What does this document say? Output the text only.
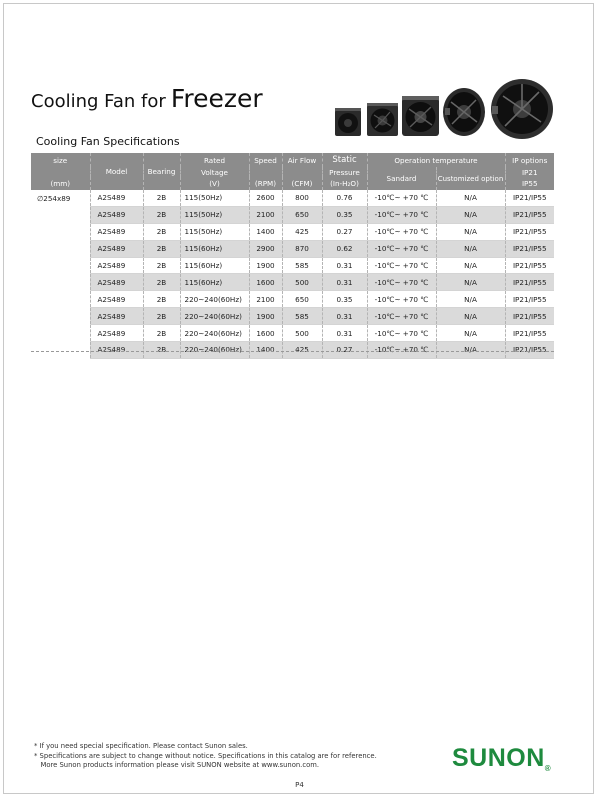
Cooling Fan for Freezer
Cooling Fan Specifications
size	Model	Bearing	Rated	Speed	Air Flow	Static	Operation temperature		IP options
			Voltage			Pressure	Sandard	Customized option	IP21
(mm)			(V)	(RPM)	(CFM)	(In-H₂O)			IP55
∅254x89	A2S489	2B	115(50Hz)	2600	800	0.76	-10℃~ +70 ℃	N/A	IP21/IP55
	A2S489	2B	115(50Hz)	2100	650	0.35	-10℃~ +70 ℃	N/A	IP21/IP55
	A2S489	2B	115(50Hz)	1400	425	0.27	-10℃~ +70 ℃	N/A	IP21/IP55
	A2S489	2B	115(60Hz)	2900	870	0.62	-10℃~ +70 ℃	N/A	IP21/IP55
	A2S489	2B	115(60Hz)	1900	585	0.31	-10℃~ +70 ℃	N/A	IP21/IP55
	A2S489	2B	115(60Hz)	1600	500	0.31	-10℃~ +70 ℃	N/A	IP21/IP55
	A2S489	2B	220~240(60Hz)	2100	650	0.35	-10℃~ +70 ℃	N/A	IP21/IP55
	A2S489	2B	220~240(60Hz)	1900	585	0.31	-10℃~ +70 ℃	N/A	IP21/IP55
	A2S489	2B	220~240(60Hz)	1600	500	0.31	-10℃~ +70 ℃	N/A	IP21/IP55
	A2S489	2B	220~240(60Hz)	1400	425	0.27	-10℃~ +70 ℃	N/A	IP21/IP55
* If you need special specification. Please contact Sunon sales.
* Specifications are subject to change without notice. Specifications in this catalog are for reference.
More Sunon products information please visit SUNON website at www.sunon.com.	SUNON®
P4
